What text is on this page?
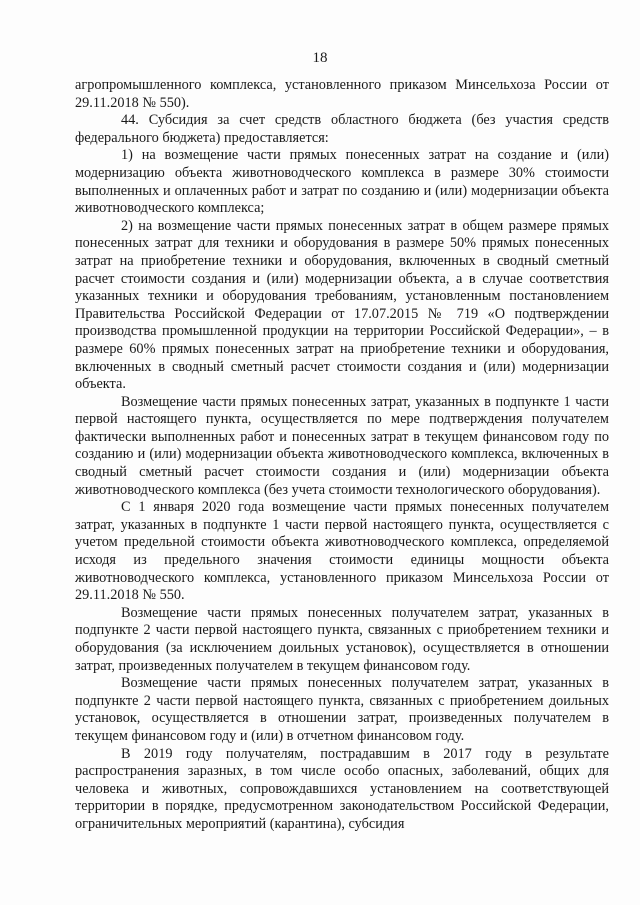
18

агропромышленного комплекса, установленного приказом Минсельхоза России от 29.11.2018 № 550).

44. Субсидия за счет средств областного бюджета (без участия средств федерального бюджета) предоставляется:

1) на возмещение части прямых понесенных затрат на создание и (или) модернизацию объекта животноводческого комплекса в размере 30% стоимости выполненных и оплаченных работ и затрат по созданию и (или) модернизации объекта животноводческого комплекса;

2) на возмещение части прямых понесенных затрат в общем размере прямых понесенных затрат для техники и оборудования в размере 50% прямых понесенных затрат на приобретение техники и оборудования, включенных в сводный сметный расчет стоимости создания и (или) модернизации объекта, а в случае соответствия указанных техники и оборудования требованиям, установленным постановлением Правительства Российской Федерации от 17.07.2015 № 719 «О подтверждении производства промышленной продукции на территории Российской Федерации», – в размере 60% прямых понесенных затрат на приобретение техники и оборудования, включенных в сводный сметный расчет стоимости создания и (или) модернизации объекта.

Возмещение части прямых понесенных затрат, указанных в подпункте 1 части первой настоящего пункта, осуществляется по мере подтверждения получателем фактически выполненных работ и понесенных затрат в текущем финансовом году по созданию и (или) модернизации объекта животноводческого комплекса, включенных в сводный сметный расчет стоимости создания и (или) модернизации объекта животноводческого комплекса (без учета стоимости технологического оборудования).

С 1 января 2020 года возмещение части прямых понесенных получателем затрат, указанных в подпункте 1 части первой настоящего пункта, осуществляется с учетом предельной стоимости объекта животноводческого комплекса, определяемой исходя из предельного значения стоимости единицы мощности объекта животноводческого комплекса, установленного приказом Минсельхоза России от 29.11.2018 № 550.

Возмещение части прямых понесенных получателем затрат, указанных в подпункте 2 части первой настоящего пункта, связанных с приобретением техники и оборудования (за исключением доильных установок), осуществляется в отношении затрат, произведенных получателем в текущем финансовом году.

Возмещение части прямых понесенных получателем затрат, указанных в подпункте 2 части первой настоящего пункта, связанных с приобретением доильных установок, осуществляется в отношении затрат, произведенных получателем в текущем финансовом году и (или) в отчетном финансовом году.

В 2019 году получателям, пострадавшим в 2017 году в результате распространения заразных, в том числе особо опасных, заболеваний, общих для человека и животных, сопровождавшихся установлением на соответствующей территории в порядке, предусмотренном законодательством Российской Федерации, ограничительных мероприятий (карантина), субсидия
